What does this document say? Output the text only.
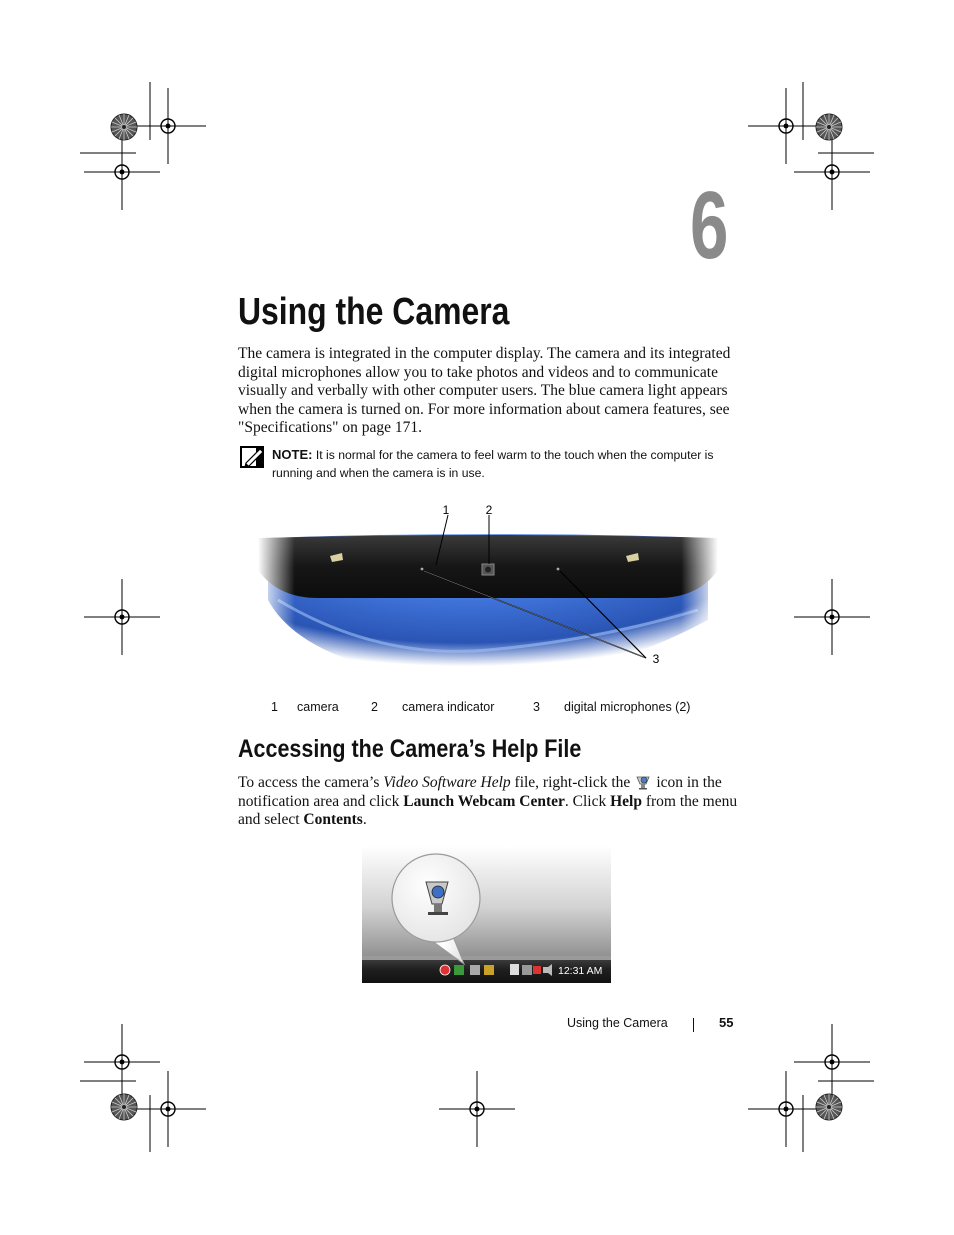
6
Using the Camera

The camera is integrated in the computer display. The camera and its integrated digital microphones allow you to take photos and videos and to communicate visually and verbally with other computer users. The blue camera light appears when the camera is turned on. For more information about camera features, see "Specifications" on page 171.

NOTE: It is normal for the camera to feel warm to the touch when the computer is running and when the camera is in use.

1	2
3
1 camera	2 camera indicator	3 digital microphones (2)
Accessing the Camera’s Help File

To access the camera’s Video Software Help file, right-click the icon in the notification area and click Launch Webcam Center. Click Help from the menu and select Contents.

12:31 AM
Using the Camera	55
